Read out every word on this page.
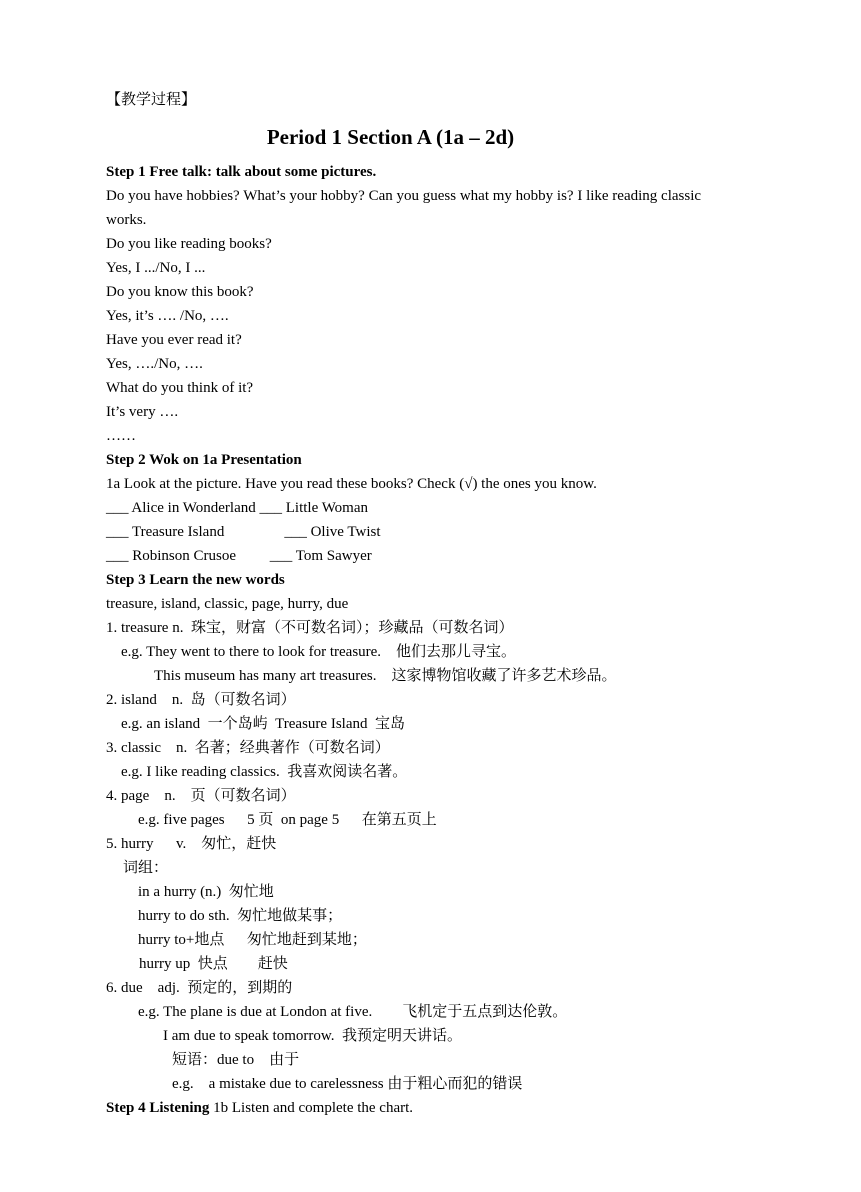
【教学过程】
Period 1 Section A (1a – 2d)
Step 1 Free talk: talk about some pictures.
Do you have hobbies? What’s your hobby? Can you guess what my hobby is? I like reading classic
works.
Do you like reading books?
Yes, I .../No, I ...
Do you know this book?
Yes, it’s …. /No, ….
Have you ever read it?
Yes, …./No, ….
What do you think of it?
It’s very ….
……
Step 2 Wok on 1a Presentation
1a Look at the picture. Have you read these books? Check (√) the ones you know.
___ Alice in Wonderland ___ Little Woman
___ Treasure Island                ___ Olive Twist
___ Robinson Crusoe         ___ Tom Sawyer
Step 3 Learn the new words
treasure, island, classic, page, hurry, due
1. treasure n.  珠宝，财富（不可数名词）；珍藏品（可数名词）
e.g. They went to there to look for treasure.    他们去那儿寻宝。
This museum has many art treasures.    这家博物馆收藏了许多艺术珍品。
2. island    n.  岛（可数名词）
e.g. an island  一个岛屿  Treasure Island  宝岛
3. classic    n.  名著；经典著作（可数名词）
e.g. I like reading classics.  我喜欢阅读名著。
4. page    n.    页（可数名词）
e.g. five pages      5 页  on page 5      在第五页上
5. hurry      v.    匆忙，赶快
词组：
in a hurry (n.)  匆忙地
hurry to do sth.  匆忙地做某事；
hurry to+地点      匆忙地赶到某地；
hurry up  快点        赶快
6. due    adj.  预定的，到期的
e.g. The plane is due at London at five.        飞机定于五点到达伦敦。
I am due to speak tomorrow.  我预定明天讲话。
短语：due to    由于
e.g.    a mistake due to carelessness 由于粗心而犯的错误
Step 4 Listening 1b Listen and complete the chart.
